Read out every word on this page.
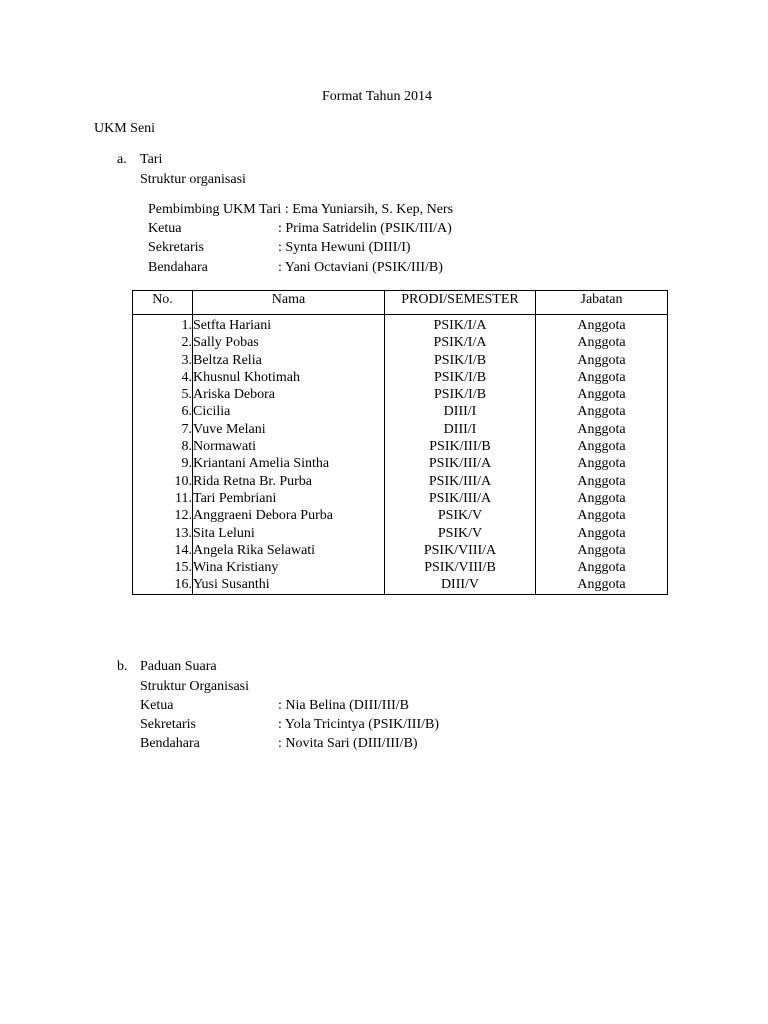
Format Tahun 2014
UKM Seni
a. Tari
Struktur organisasi
Pembimbing UKM Tari : Ema Yuniarsih, S. Kep, Ners
Ketua	: Prima Satridelin (PSIK/III/A)
Sekretaris	: Synta Hewuni (DIII/I)
Bendahara	: Yani Octaviani (PSIK/III/B)
No.	Nama	PRODI/SEMESTER	Jabatan
1.	Setfta Hariani	PSIK/I/A	Anggota
2.	Sally Pobas	PSIK/I/A	Anggota
3.	Beltza Relia	PSIK/I/B	Anggota
4.	Khusnul Khotimah	PSIK/I/B	Anggota
5.	Ariska Debora	PSIK/I/B	Anggota
6.	Cicilia	DIII/I	Anggota
7.	Vuve Melani	DIII/I	Anggota
8.	Normawati	PSIK/III/B	Anggota
9.	Kriantani Amelia Sintha	PSIK/III/A	Anggota
10.	Rida Retna Br. Purba	PSIK/III/A	Anggota
11.	Tari Pembriani	PSIK/III/A	Anggota
12.	Anggraeni Debora Purba	PSIK/V	Anggota
13.	Sita Leluni	PSIK/V	Anggota
14.	Angela Rika Selawati	PSIK/VIII/A	Anggota
15.	Wina Kristiany	PSIK/VIII/B	Anggota
16.	Yusi Susanthi	DIII/V	Anggota
b. Paduan Suara
Struktur Organisasi
Ketua	: Nia Belina (DIII/III/B
Sekretaris	: Yola Tricintya (PSIK/III/B)
Bendahara	: Novita Sari (DIII/III/B)
